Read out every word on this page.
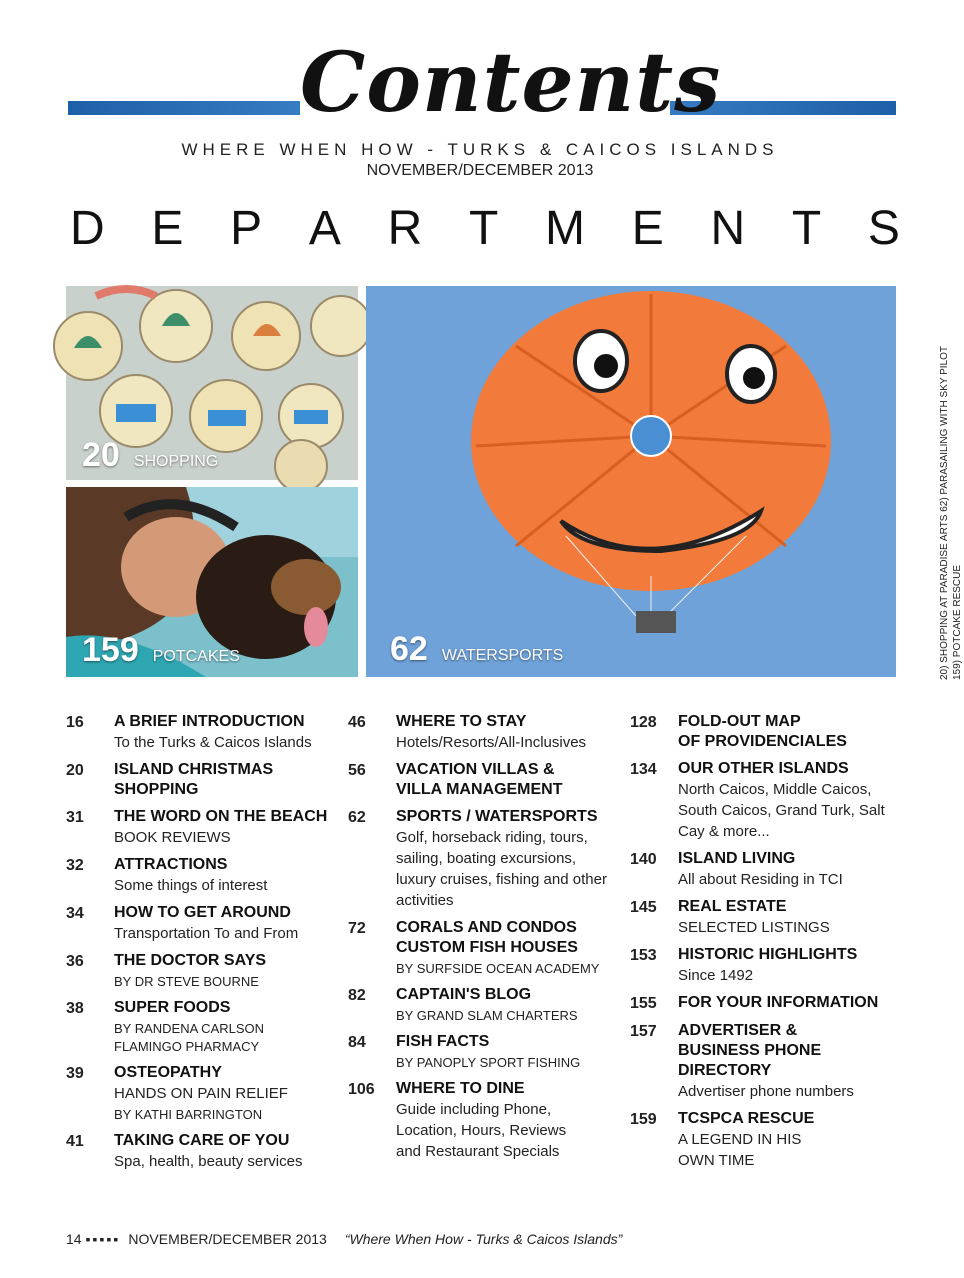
Contents
WHERE WHEN HOW - TURKS & CAICOS ISLANDS
NOVEMBER/DECEMBER 2013
D E P A R T M E N T S
20 SHOPPING
159 POTCAKES	62 WATERSPORTS	20) SHOPPING AT PARADISE ARTS 62) PARASAILING WITH SKY PILOT 159) POTCAKE RESCUE
16	A BRIEF INTRODUCTION
To the Turks & Caicos Islands
20	ISLAND CHRISTMAS SHOPPING
31	THE WORD ON THE BEACH
BOOK REVIEWS
32	ATTRACTIONS
Some things of interest
34	HOW TO GET AROUND
Transportation To and From
36	THE DOCTOR SAYS
BY DR STEVE BOURNE
38	SUPER FOODS
BY RANDENA CARLSON FLAMINGO PHARMACY
39	OSTEOPATHY
HANDS ON PAIN RELIEF
BY KATHI BARRINGTON
41	TAKING CARE OF YOU
Spa, health, beauty services
46	WHERE TO STAY
Hotels/Resorts/All-Inclusives
56	VACATION VILLAS & VILLA MANAGEMENT
62	SPORTS / WATERSPORTS
Golf, horseback riding, tours, sailing, boating excursions, luxury cruises, fishing and other activities
72	CORALS AND CONDOS CUSTOM FISH HOUSES
BY SURFSIDE OCEAN ACADEMY
82	CAPTAIN'S BLOG
BY GRAND SLAM CHARTERS
84	FISH FACTS
BY PANOPLY SPORT FISHING
106	WHERE TO DINE
Guide including Phone, Location, Hours, Reviews and Restaurant Specials
128	FOLD-OUT MAP
OF PROVIDENCIALES
134	OUR OTHER ISLANDS
North Caicos, Middle Caicos, South Caicos, Grand Turk, Salt Cay & more...
140	ISLAND LIVING
All about Residing in TCI
145	REAL ESTATE
SELECTED LISTINGS
153	HISTORIC HIGHLIGHTS
Since 1492
155	FOR YOUR INFORMATION
157	ADVERTISER & BUSINESS PHONE DIRECTORY
Advertiser phone numbers
159	TCSPCA RESCUE
A LEGEND IN HIS OWN TIME
14 ▪▪▪▪▪ NOVEMBER/DECEMBER 2013 “Where When How - Turks & Caicos Islands”
